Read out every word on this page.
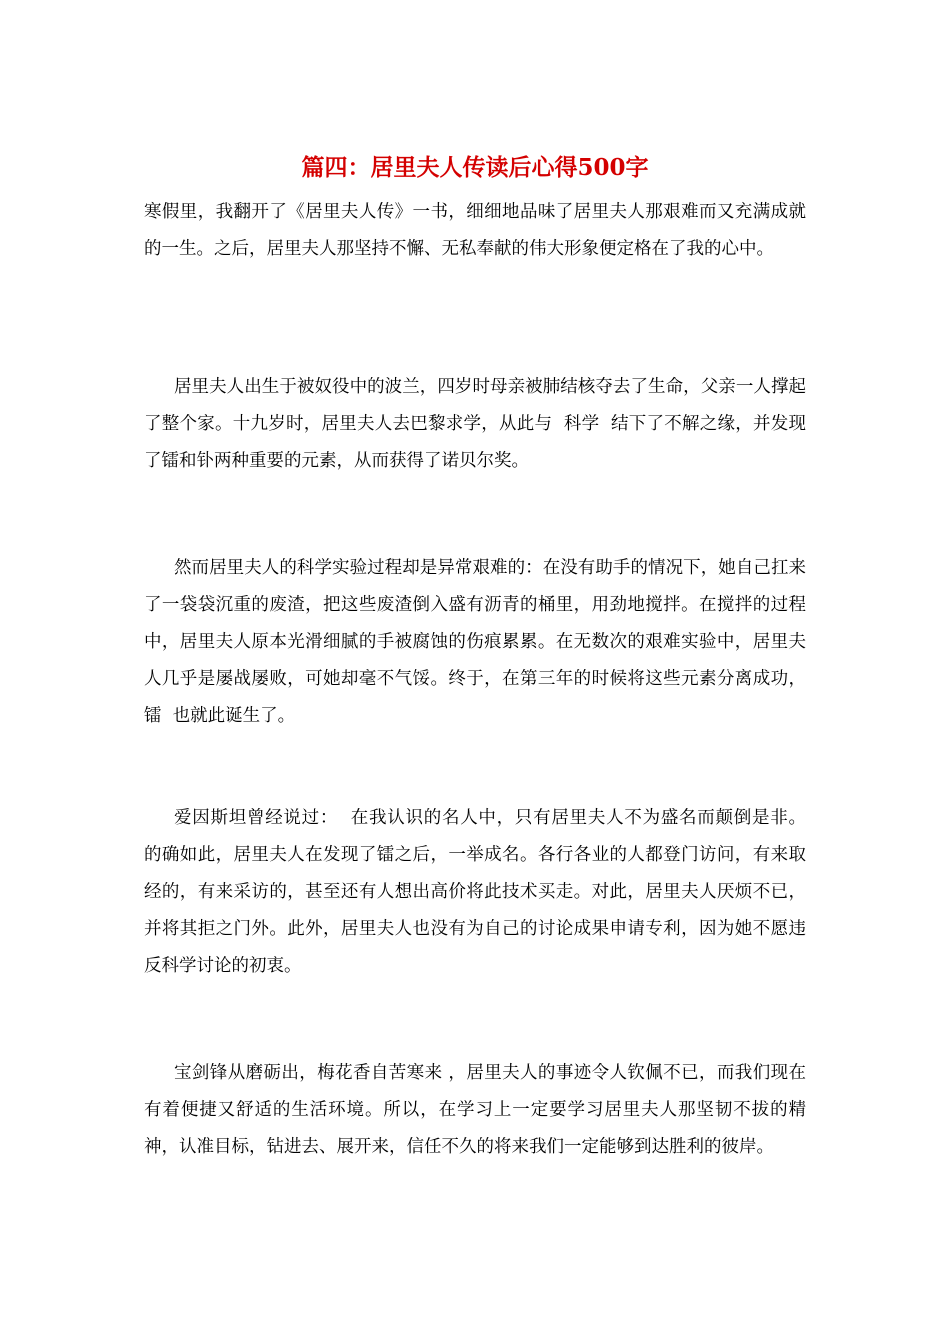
篇四：居里夫人传读后心得500字

寒假里，我翻开了《居里夫人传》一书，细细地品味了居里夫人那艰难而又充满成就的一生。之后，居里夫人那坚持不懈、无私奉献的伟大形象便定格在了我的心中。

居里夫人出生于被奴役中的波兰，四岁时母亲被肺结核夺去了生命，父亲一人撑起了整个家。十九岁时，居里夫人去巴黎求学，从此与  科学  结下了不解之缘，并发现了镭和钋两种重要的元素，从而获得了诺贝尔奖。

然而居里夫人的科学实验过程却是异常艰难的：在没有助手的情况下，她自己扛来了一袋袋沉重的废渣，把这些废渣倒入盛有沥青的桶里，用劲地搅拌。在搅拌的过程中，居里夫人原本光滑细腻的手被腐蚀的伤痕累累。在无数次的艰难实验中，居里夫人几乎是屡战屡败，可她却毫不气馁。终于，在第三年的时候将这些元素分离成功，  镭  也就此诞生了。

爱因斯坦曾经说过：  在我认识的名人中，只有居里夫人不为盛名而颠倒是非。  的确如此，居里夫人在发现了镭之后，一举成名。各行各业的人都登门访问，有来取经的，有来采访的，甚至还有人想出高价将此技术买走。对此，居里夫人厌烦不已，并将其拒之门外。此外，居里夫人也没有为自己的讨论成果申请专利，因为她不愿违反科学讨论的初衷。

宝剑锋从磨砺出，梅花香自苦寒来 ，居里夫人的事迹令人钦佩不已，而我们现在有着便捷又舒适的生活环境。所以，在学习上一定要学习居里夫人那坚韧不拔的精神，认准目标，钻进去、展开来，信任不久的将来我们一定能够到达胜利的彼岸。
